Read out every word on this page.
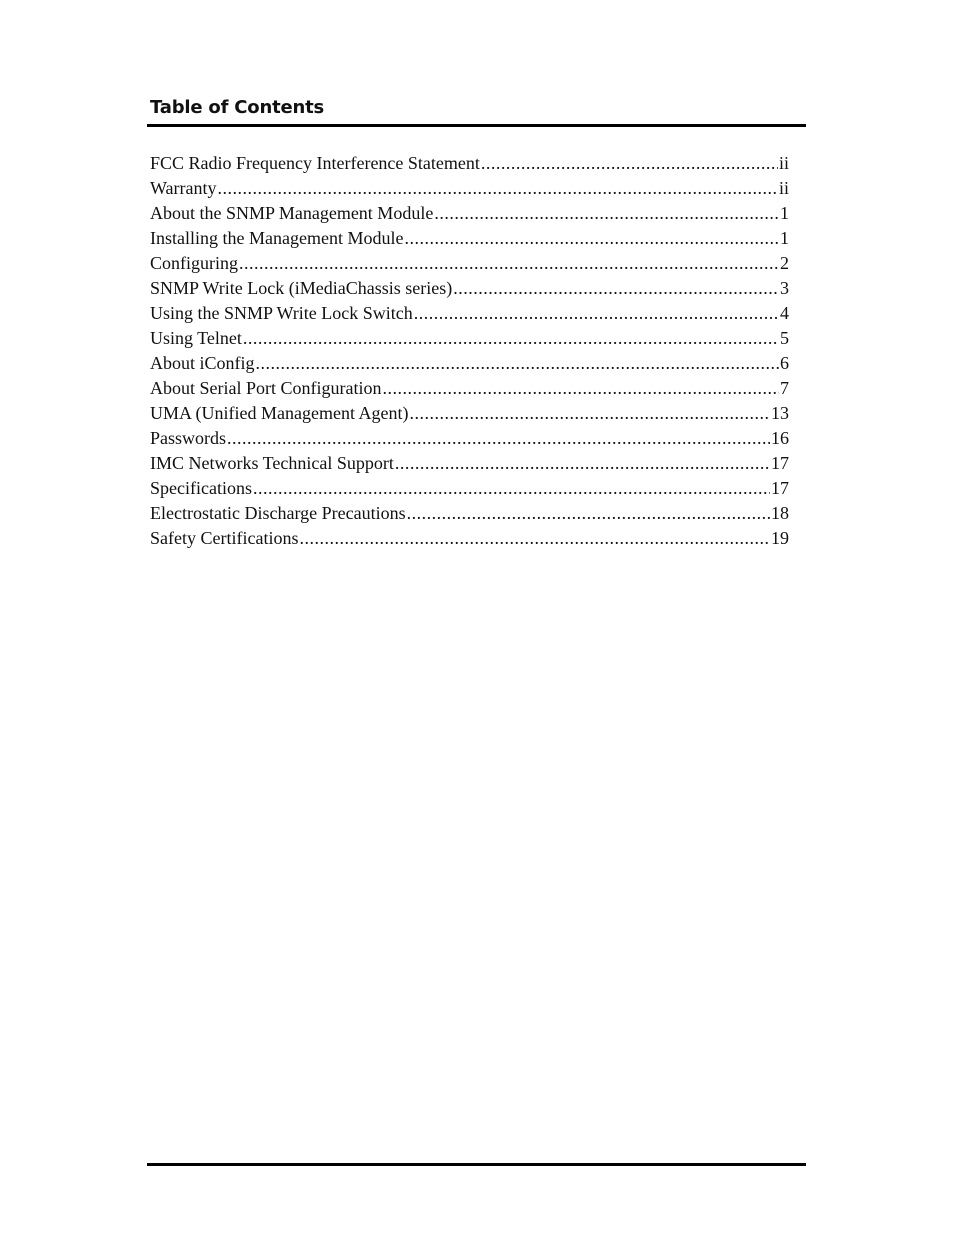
Table of Contents
FCC Radio Frequency Interference Statement .....	ii
Warranty .....	ii
About the SNMP Management Module .....	1
Installing the Management Module .....	1
Configuring .....	2
SNMP Write Lock (iMediaChassis series) .....	3
Using the SNMP Write Lock Switch .....	4
Using Telnet .....	5
About iConfig .....	6
About Serial Port Configuration .....	7
UMA (Unified Management Agent) .....	13
Passwords .....	16
IMC Networks Technical Support .....	17
Specifications .....	17
Electrostatic Discharge Precautions .....	18
Safety Certifications .....	19
